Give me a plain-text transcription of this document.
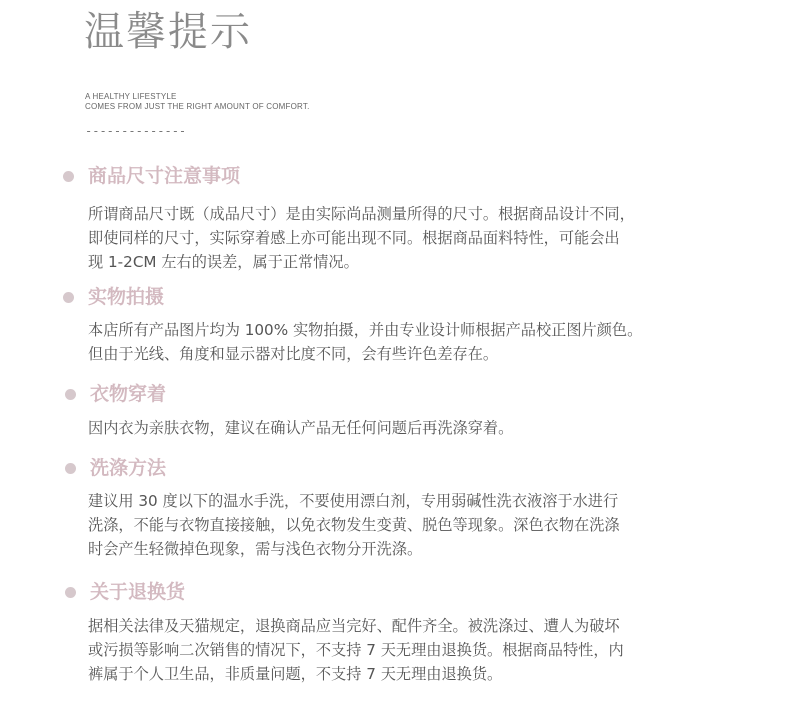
温馨提示
A HEALTHY LIFESTYLE
COMES FROM JUST THE RIGHT AMOUNT OF COMFORT.
--------------
商品尺寸注意事项
所谓商品尺寸既（成品尺寸）是由实际尚品测量所得的尺寸。根据商品设计不同，
即使同样的尺寸，实际穿着感上亦可能出现不同。根据商品面料特性，可能会出
现 1-2CM 左右的误差，属于正常情况。
实物拍摄
本店所有产品图片均为 100% 实物拍摄，并由专业设计师根据产品校正图片颜色。
但由于光线、角度和显示器对比度不同，会有些许色差存在。
衣物穿着
因内衣为亲肤衣物，建议在确认产品无任何问题后再洗涤穿着。
洗涤方法
建议用 30 度以下的温水手洗，不要使用漂白剂，专用弱碱性洗衣液溶于水进行
洗涤，不能与衣物直接接触，以免衣物发生变黄、脱色等现象。深色衣物在洗涤
时会产生轻微掉色现象，需与浅色衣物分开洗涤。
关于退换货
据相关法律及天猫规定，退换商品应当完好、配件齐全。被洗涤过、遭人为破坏
或污损等影响二次销售的情况下，不支持 7 天无理由退换货。根据商品特性，内
裤属于个人卫生品，非质量问题，不支持 7 天无理由退换货。
